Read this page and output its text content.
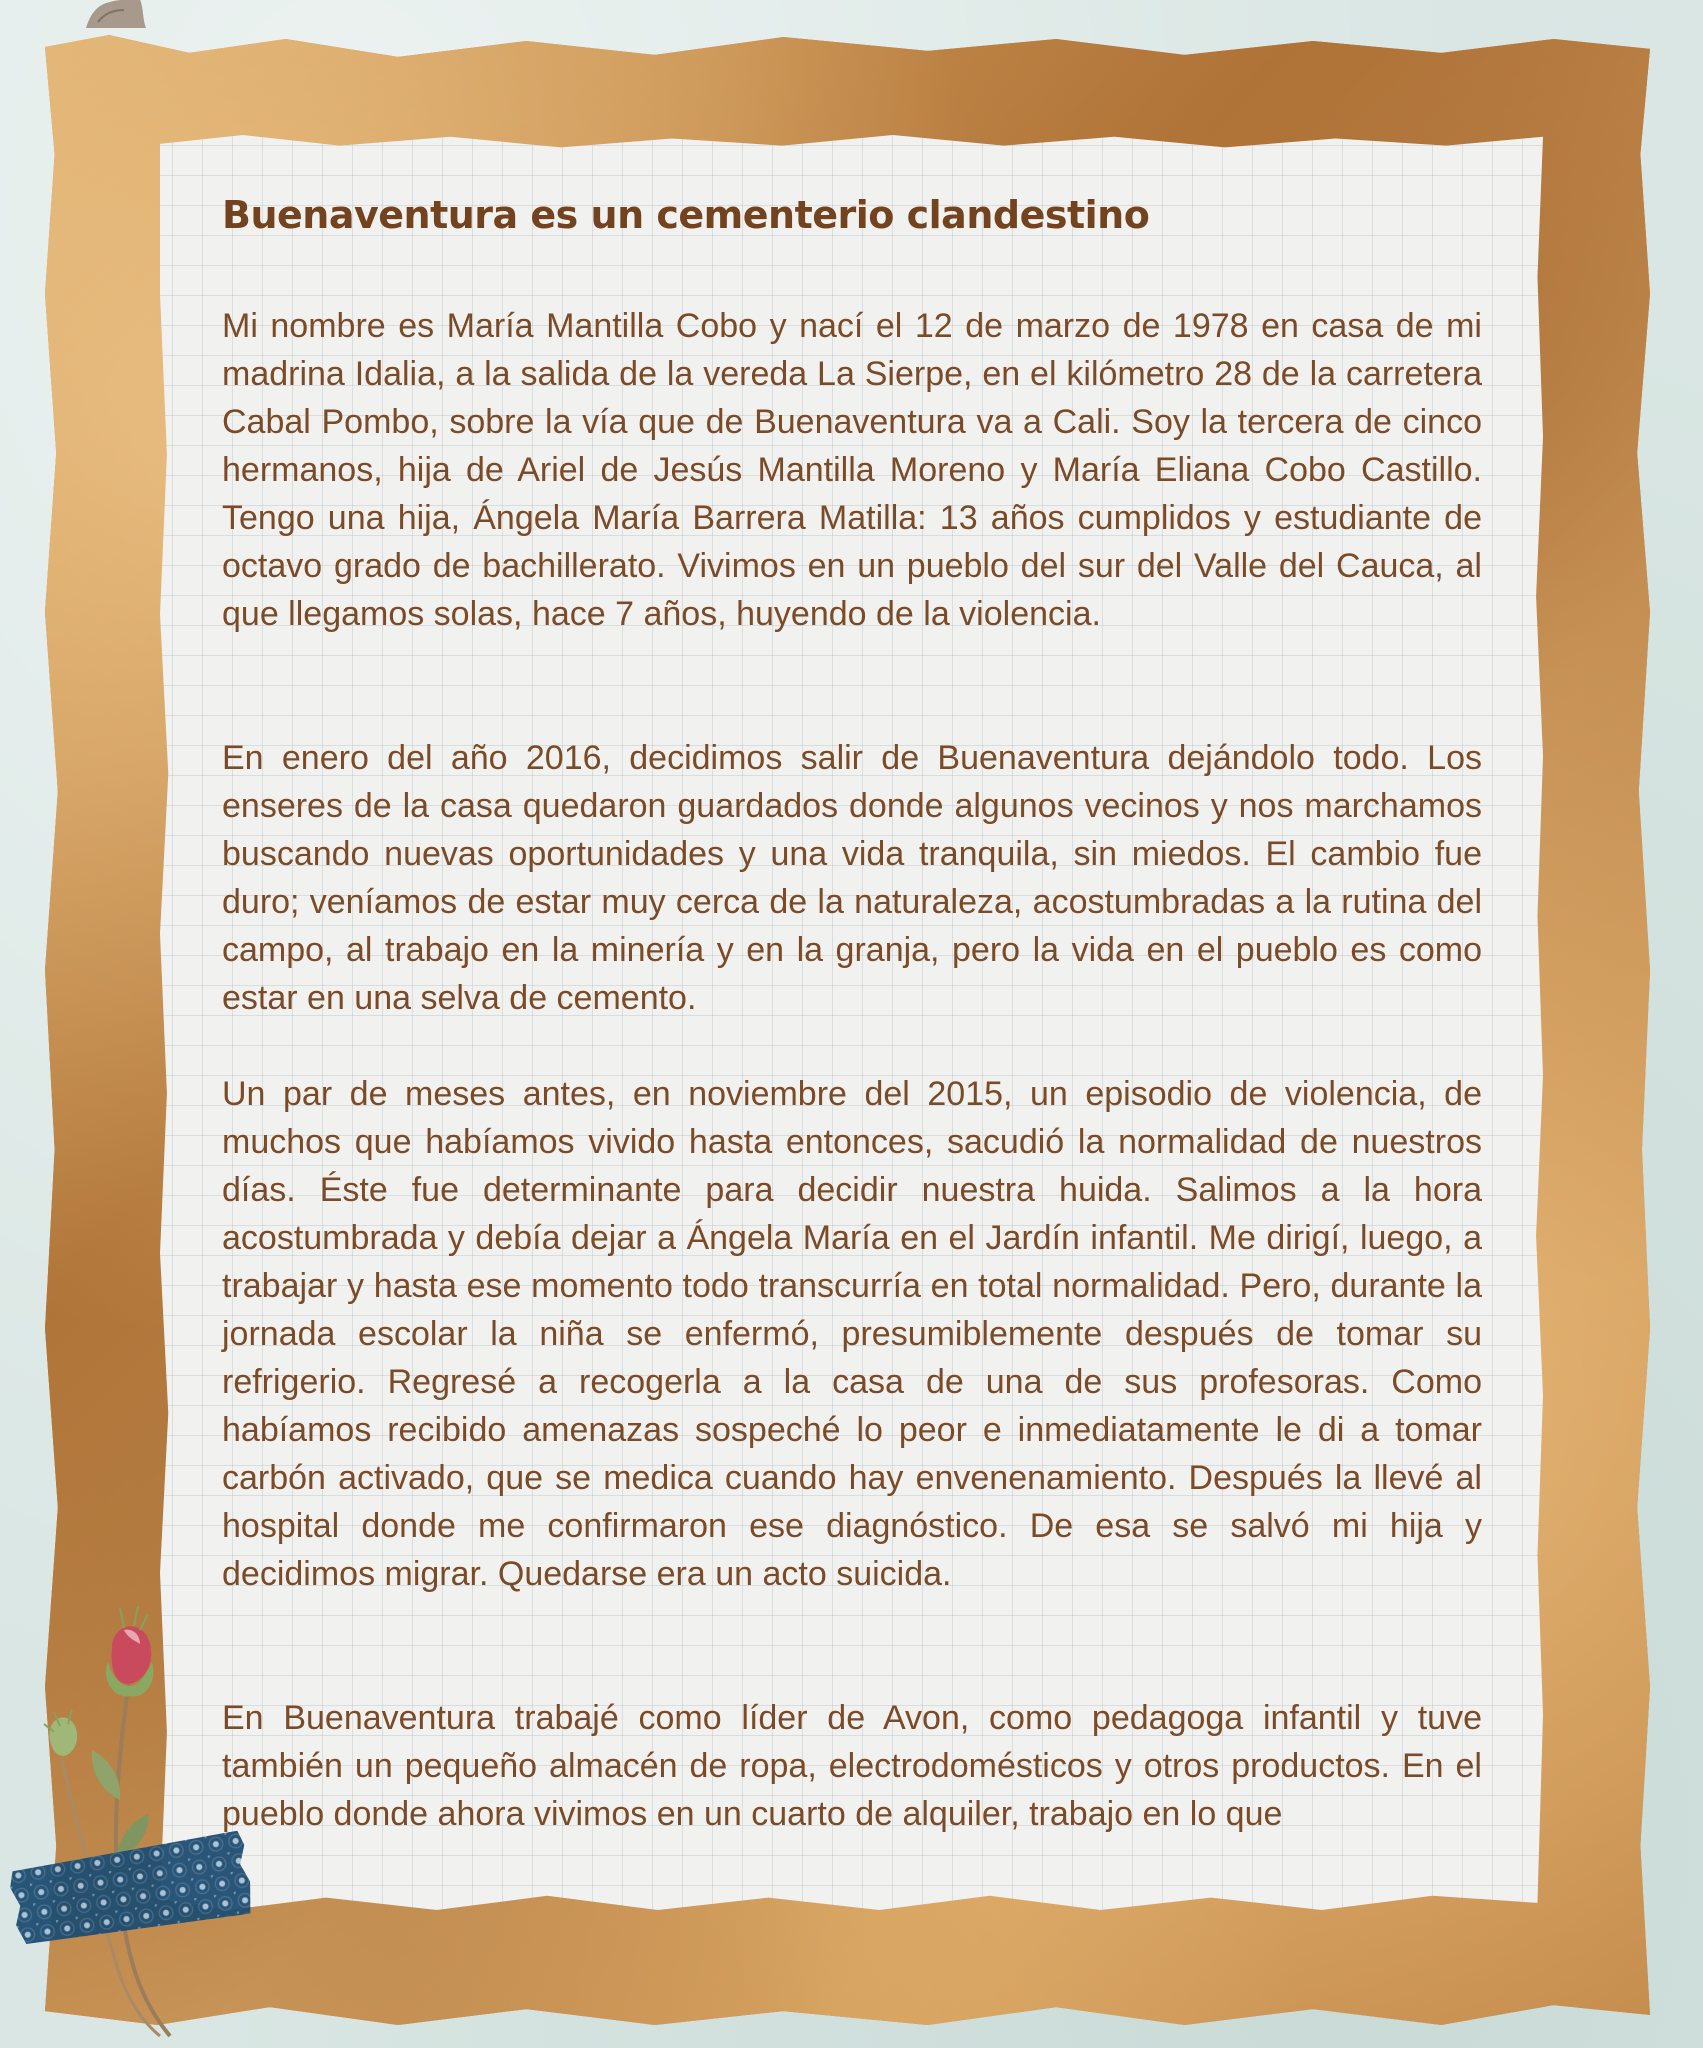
Buenaventura es un cementerio clandestino

Mi nombre es María Mantilla Cobo y nací el 12 de marzo de 1978 en casa de mi madrina Idalia, a la salida de la vereda La Sierpe, en el kilómetro 28 de la carretera Cabal Pombo, sobre la vía que de Buenaventura va a Cali. Soy la tercera de cinco hermanos, hija de Ariel de Jesús Mantilla Moreno y María Eliana Cobo Castillo. Tengo una hija, Ángela María Barrera Matilla: 13 años cumplidos y estudiante de octavo grado de bachillerato. Vivimos en un pueblo del sur del Valle del Cauca, al que llegamos solas, hace 7 años, huyendo de la violencia.

En enero del año 2016, decidimos salir de Buenaventura dejándolo todo. Los enseres de la casa quedaron guardados donde algunos vecinos y nos marchamos buscando nuevas oportunidades y una vida tranquila, sin miedos. El cambio fue duro; veníamos de estar muy cerca de la naturaleza, acostumbradas a la rutina del campo, al trabajo en la minería y en la granja, pero la vida en el pueblo es como estar en una selva de cemento.

Un par de meses antes, en noviembre del 2015, un episodio de violencia, de muchos que habíamos vivido hasta entonces, sacudió la normalidad de nuestros días. Éste fue determinante para decidir nuestra huida. Salimos a la hora acostumbrada y debía dejar a Ángela María en el Jardín infantil. Me dirigí, luego, a trabajar y hasta ese momento todo transcurría en total normalidad. Pero, durante la jornada escolar la niña se enfermó, presumiblemente después de tomar su refrigerio. Regresé a recogerla a la casa de una de sus profesoras. Como habíamos recibido amenazas sospeché lo peor e inmediatamente le di a tomar carbón activado, que se medica cuando hay envenenamiento. Después la llevé al hospital donde me confirmaron ese diagnóstico. De esa se salvó mi hija y decidimos migrar. Quedarse era un acto suicida.

En Buenaventura trabajé como líder de Avon, como pedagoga infantil y tuve también un pequeño almacén de ropa, electrodomésticos y otros productos. En el pueblo donde ahora vivimos en un cuarto de alquiler, trabajo en lo que
